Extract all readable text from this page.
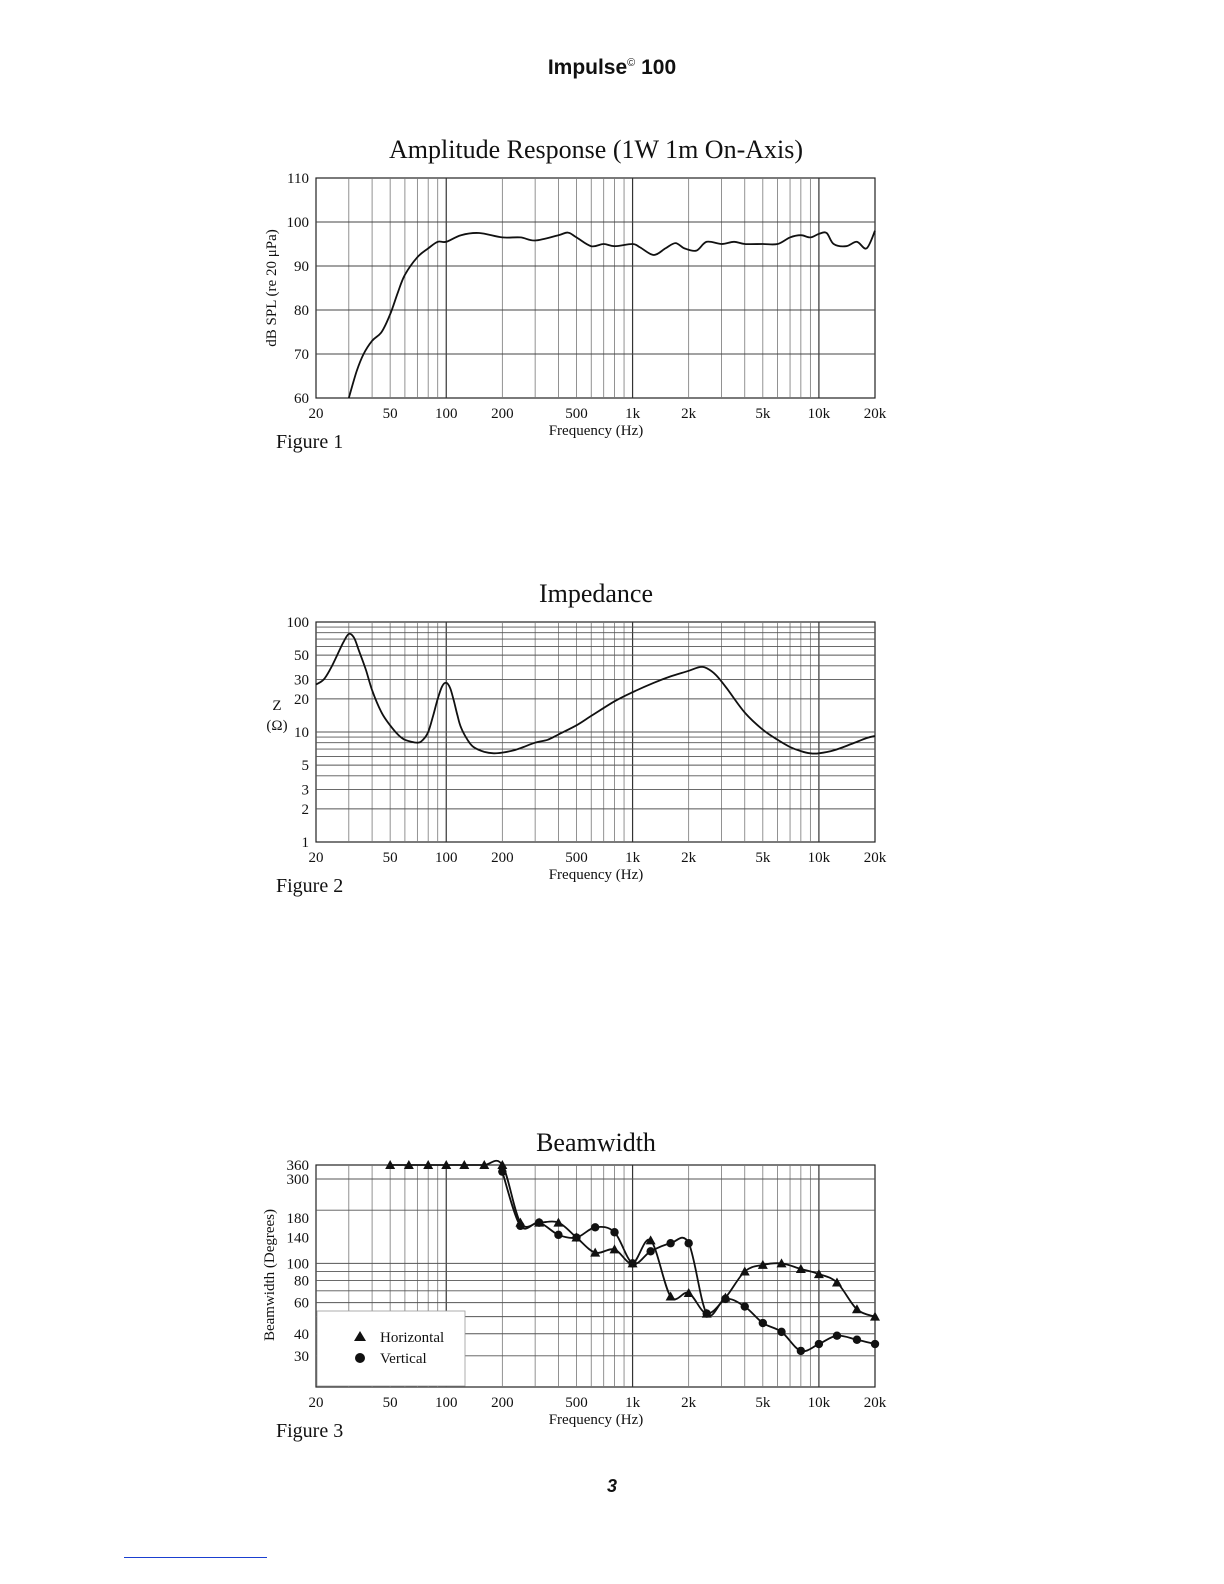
Impulse© 100
20	50 100 200	500 1k	2k	5k 10k 20k
60
70
80
90
100
110
Amplitude Response (1W 1m On-Axis)
Frequency (Hz)
Figure 1
dB SPL (re 20 μPa)
20	50 100 200	500 1k	2k	5k 10k 20k
1
2
3
5
10
20
30
50
100
Impedance
Frequency (Hz)
Figure 2
Z
(Ω)
20	50 100 200	500 1k	2k	5k 10k 20k
30
40
60
80
100
140
180
300
360
Beamwidth
Frequency (Hz)
Figure 3
Beamwidth (Degrees)	Horizontal
Vertical
3
